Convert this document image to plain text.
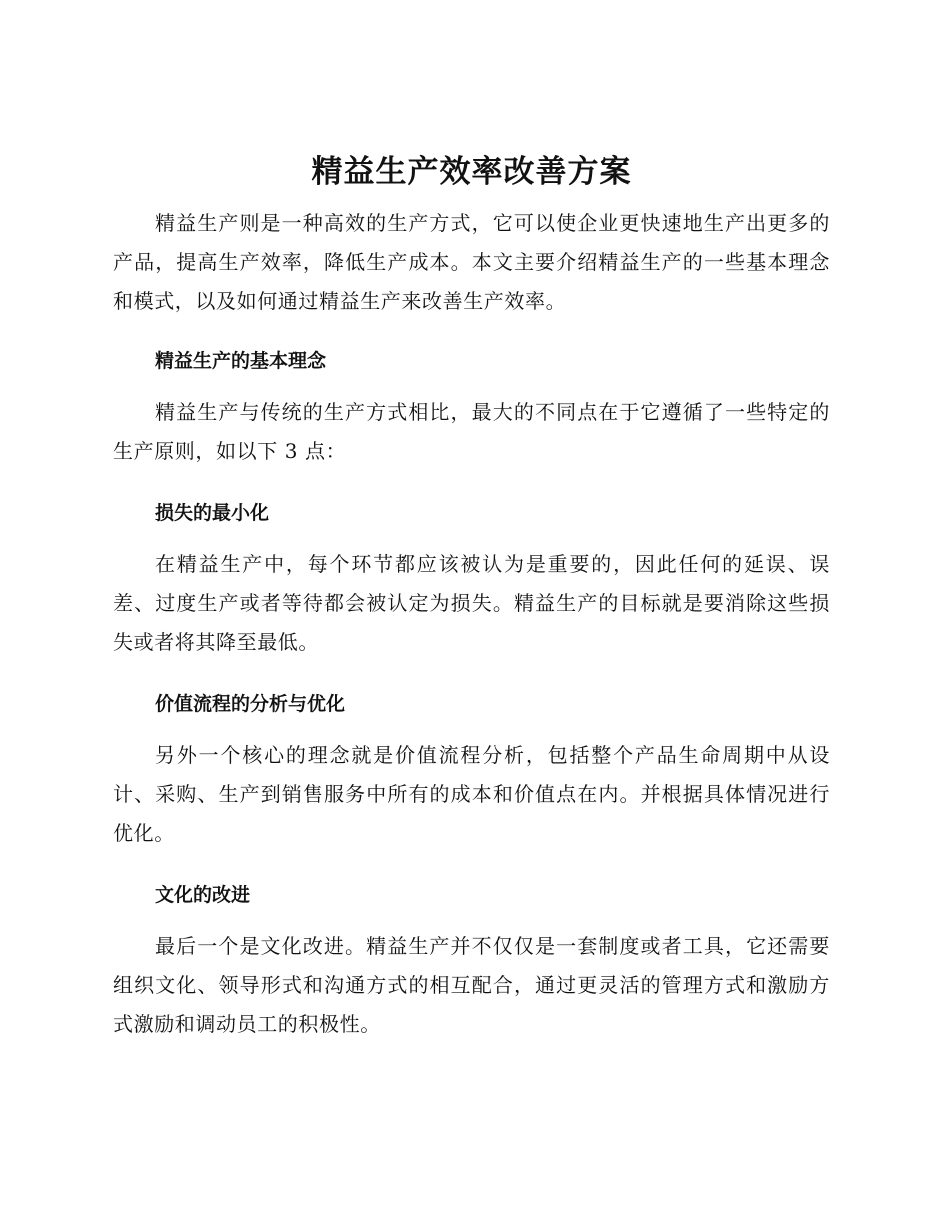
精益生产效率改善方案

精益生产则是一种高效的生产方式，它可以使企业更快速地生产出更多的产品，提高生产效率，降低生产成本。本文主要介绍精益生产的一些基本理念和模式，以及如何通过精益生产来改善生产效率。

精益生产的基本理念

精益生产与传统的生产方式相比，最大的不同点在于它遵循了一些特定的生产原则，如以下 3 点：

损失的最小化

在精益生产中，每个环节都应该被认为是重要的，因此任何的延误、误差、过度生产或者等待都会被认定为损失。精益生产的目标就是要消除这些损失或者将其降至最低。

价值流程的分析与优化

另外一个核心的理念就是价值流程分析，包括整个产品生命周期中从设计、采购、生产到销售服务中所有的成本和价值点在内。并根据具体情况进行优化。

文化的改进

最后一个是文化改进。精益生产并不仅仅是一套制度或者工具，它还需要组织文化、领导形式和沟通方式的相互配合，通过更灵活的管理方式和激励方式激励和调动员工的积极性。
